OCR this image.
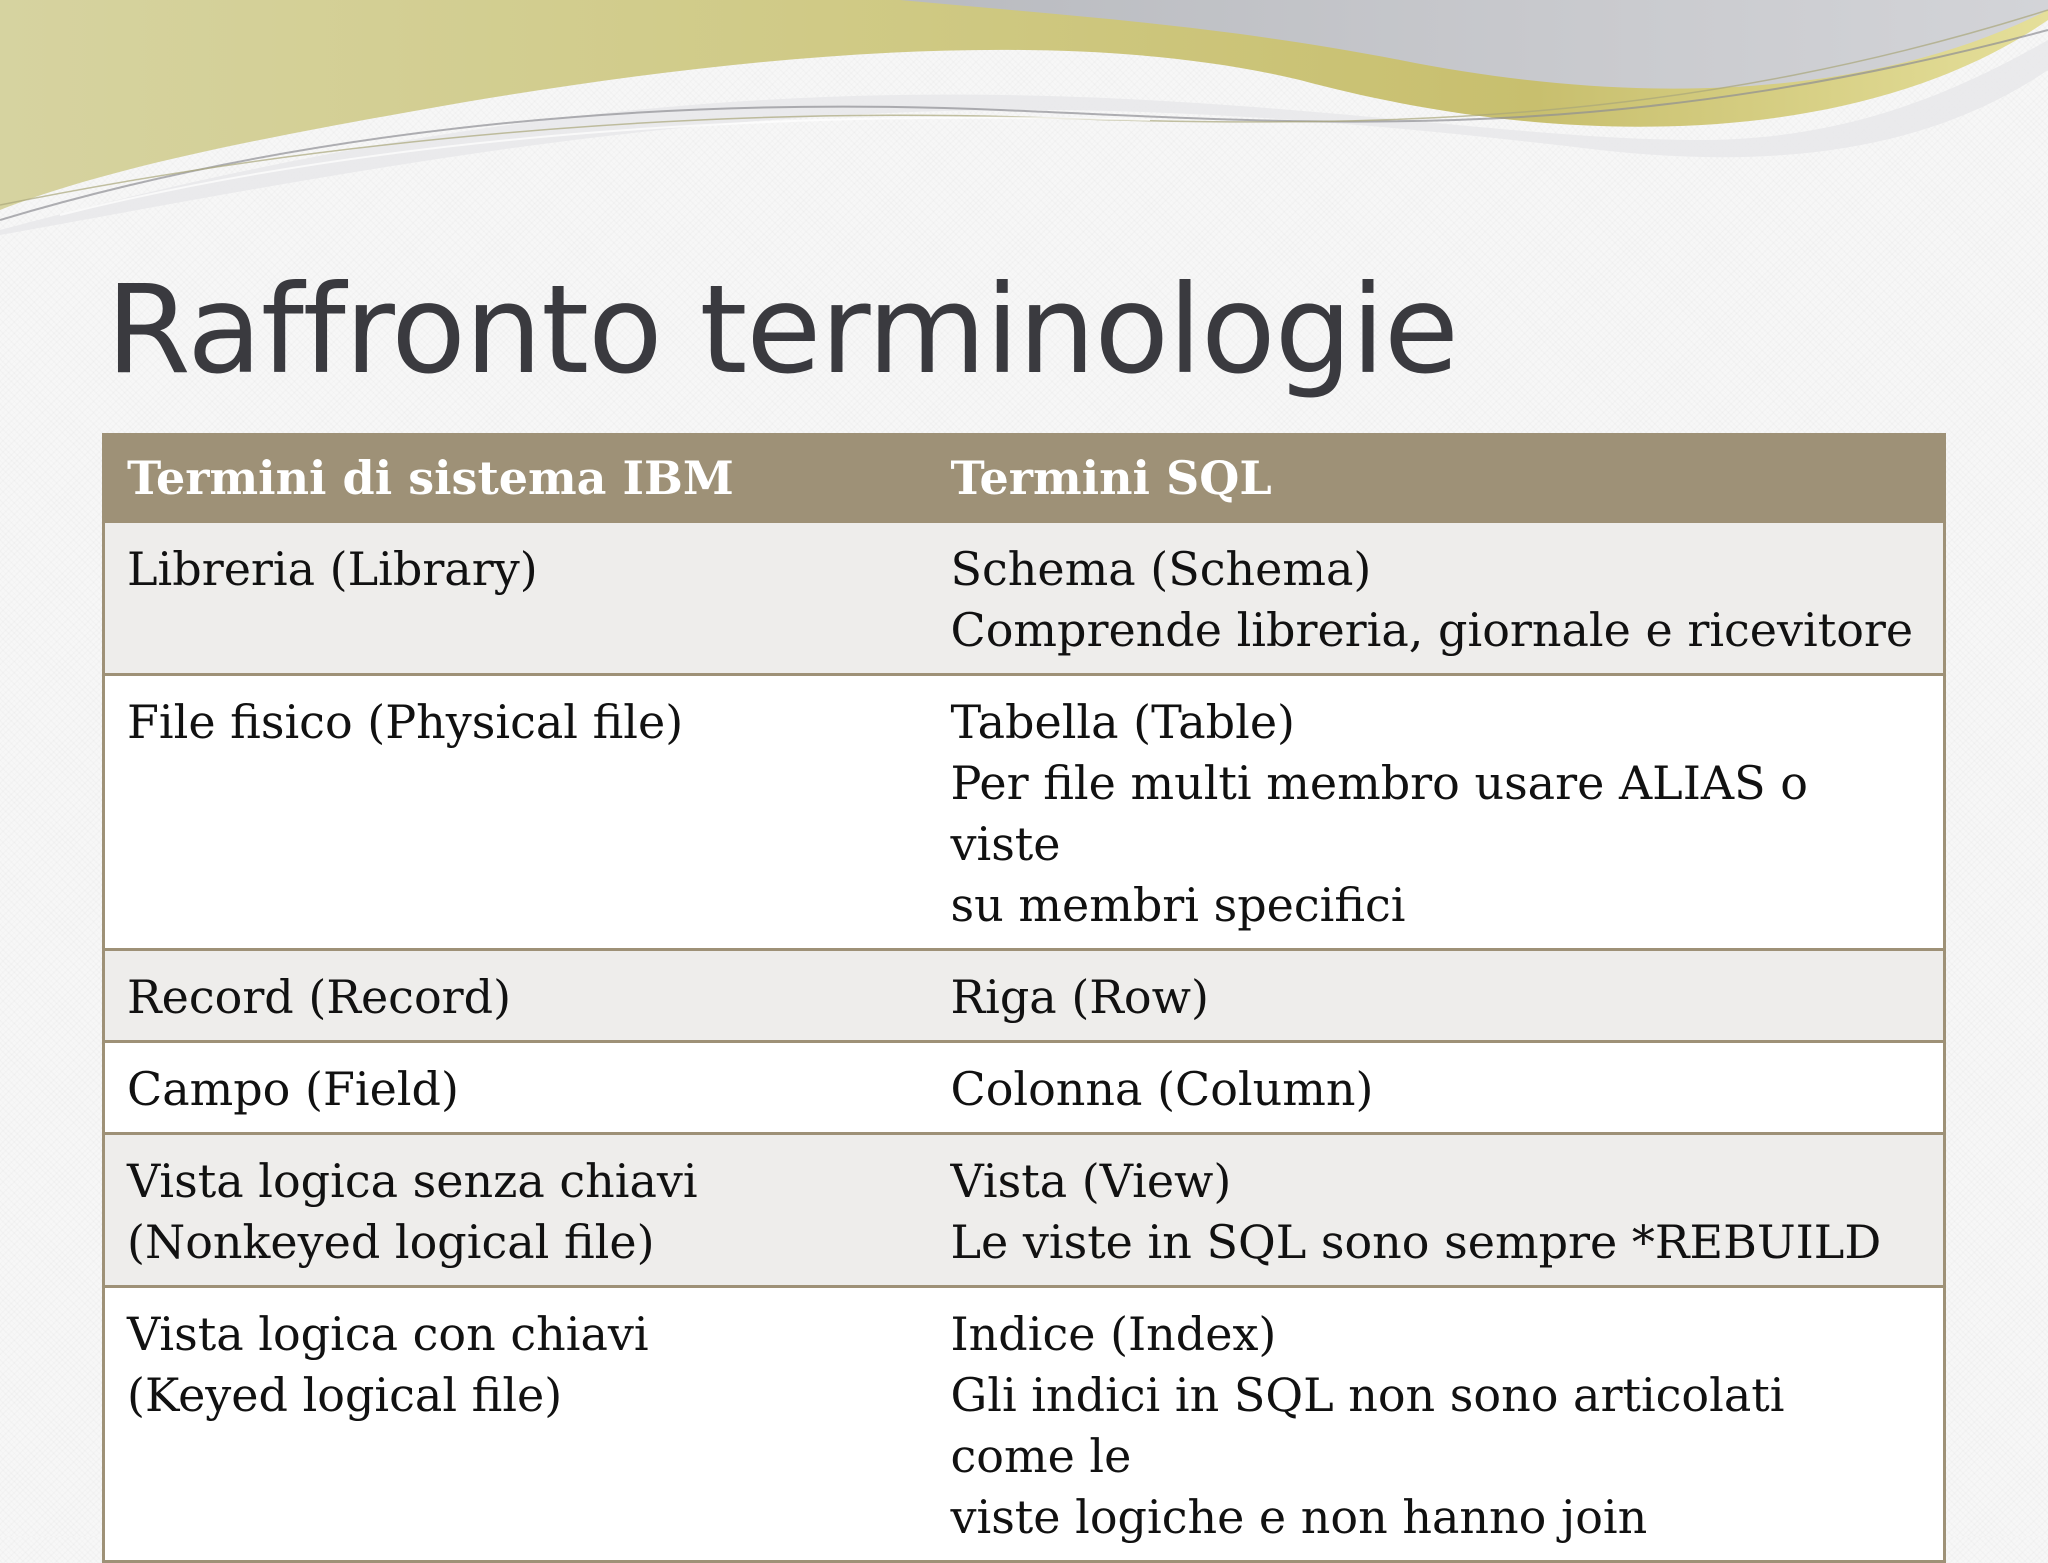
Raffronto terminologie
Termini di sistema IBM	Termini SQL

Libreria (Library)	Schema (Schema)
Comprende libreria, giornale e ricevitore

File fisico (Physical file)	Tabella (Table)
Per file multi membro usare ALIAS o viste
su membri specifici

Record (Record)	Riga (Row)

Campo (Field)	Colonna (Column)

Vista logica senza chiavi
(Nonkeyed logical file)	Vista (View)
Le viste in SQL sono sempre *REBUILD

Vista logica con chiavi
(Keyed logical file)	Indice (Index)
Gli indici in SQL non sono articolati come le
viste logiche e non hanno join
